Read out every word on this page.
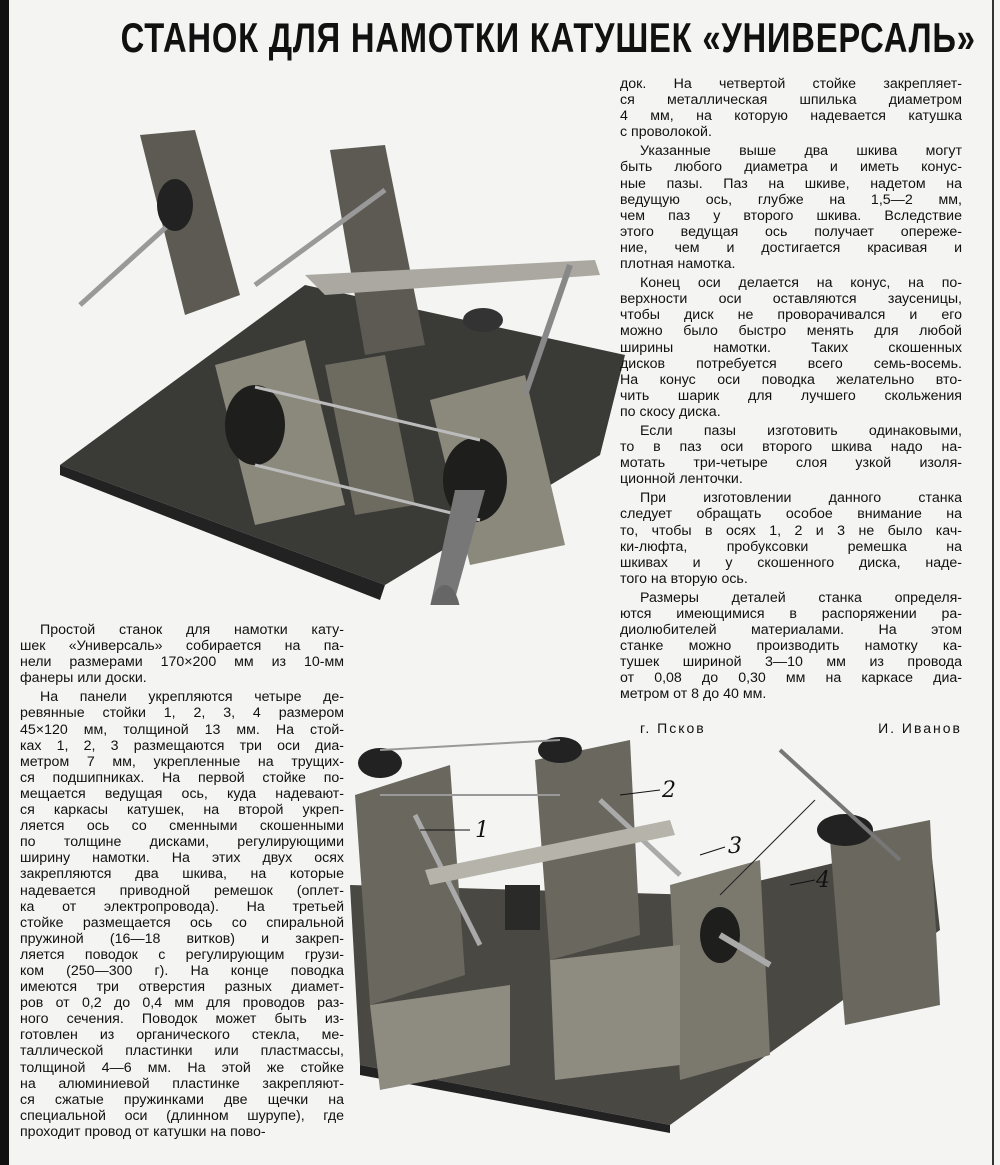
СТАНОК ДЛЯ НАМОТКИ КАТУШЕК «УНИВЕРСАЛЬ»
1
2
3
4
док. На четвертой стойке закрепляет-
ся металлическая шпилька диаметром
4 мм, на которую надевается катушка
с проволокой.
Указанные выше два шкива могут
быть любого диаметра и иметь конус-
ные пазы. Паз на шкиве, надетом на
ведущую ось, глубже на 1,5—2 мм,
чем паз у второго шкива. Вследствие
этого ведущая ось получает опереже-
ние, чем и достигается красивая и
плотная намотка.
Конец оси делается на конус, на по-
верхности оси оставляются заусеницы,
чтобы диск не проворачивался и его
можно было быстро менять для любой
ширины намотки. Таких скошенных
дисков потребуется всего семь-восемь.
На конус оси поводка желательно вто-
чить шарик для лучшего скольжения
по скосу диска.
Если пазы изготовить одинаковыми,
то в паз оси второго шкива надо на-
мотать три-четыре слоя узкой изоля-
ционной ленточки.
При изготовлении данного станка
следует обращать особое внимание на
то, чтобы в осях 1, 2 и 3 не было кач-
ки-люфта, пробуксовки ремешка на
шкивах и у скошенного диска, наде-
того на вторую ось.
Размеры деталей станка определя-
ются имеющимися в распоряжении ра-
диолюбителей материалами. На этом
станке можно производить намотку ка-
тушек шириной 3—10 мм из провода
от 0,08 до 0,30 мм на каркасе диа-
метром от 8 до 40 мм.
Простой станок для намотки кату-
шек «Универсаль» собирается на па-
нели размерами 170×200 мм из 10-мм
фанеры или доски.
На панели укрепляются четыре де-
ревянные стойки 1, 2, 3, 4 размером
45×120 мм, толщиной 13 мм. На стой-
ках 1, 2, 3 размещаются три оси диа-
метром 7 мм, укрепленные на трущих-
ся подшипниках. На первой стойке по-
мещается ведущая ось, куда надевают-
ся каркасы катушек, на второй укреп-
ляется ось со сменными скошенными
по толщине дисками, регулирующими
ширину намотки. На этих двух осях
закрепляются два шкива, на которые
надевается приводной ремешок (оплет-
ка от электропровода). На третьей
стойке размещается ось со спиральной
пружиной (16—18 витков) и закреп-
ляется поводок с регулирующим грузи-
ком (250—300 г). На конце поводка
имеются три отверстия разных диамет-
ров от 0,2 до 0,4 мм для проводов раз-
ного сечения. Поводок может быть из-
готовлен из органического стекла, ме-
таллической пластинки или пластмассы,
толщиной 4—6 мм. На этой же стойке
на алюминиевой пластинке закрепляют-
ся сжатые пружинками две щечки на
специальной оси (длинном шурупе), где
проходит провод от катушки на пово-
г. Псков	И. Иванов
